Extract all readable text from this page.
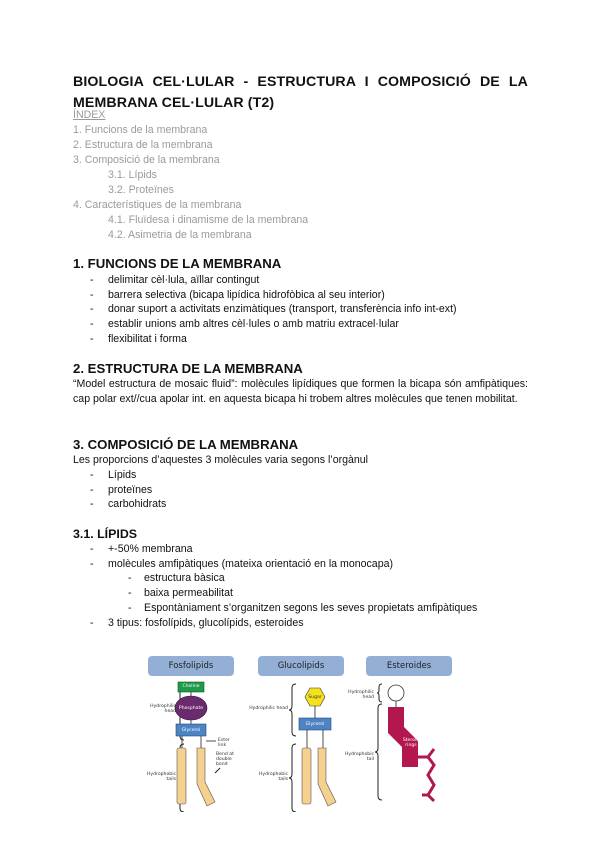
BIOLOGIA CEL·LULAR - ESTRUCTURA I COMPOSICIÓ DE LA
MEMBRANA CEL·LULAR (T2)
ÍNDEX
1. Funcions de la membrana
2. Estructura de la membrana
3. Composició de la membrana
3.1. Lípids
3.2. Proteïnes
4. Característiques de la membrana
4.1. Fluïdesa i dinamisme de la membrana
4.2. Asimetria de la membrana
1. FUNCIONS DE LA MEMBRANA
- delimitar cèl·lula, aïllar contingut
- barrera selectiva (bicapa lipídica hidrofòbica al seu interior)
- donar suport a activitats enzimàtiques (transport, transferència info int-ext)
- establir unions amb altres cèl·lules o amb matriu extracel·lular
- flexibilitat i forma
2. ESTRUCTURA DE LA MEMBRANA
“Model estructura de mosaic fluid”: molècules lipídiques que formen la bicapa són amfipàtiques: cap polar ext//cua apolar int. en aquesta bicapa hi trobem altres molècules que tenen mobilitat.
3. COMPOSICIÓ DE LA MEMBRANA
Les proporcions d’aquestes 3 molècules varia segons l’orgànul
- Lípids
- proteïnes
- carbohidrats
3.1. LÍPIDS
- +-50% membrana
- molècules amfipàtiques (mateixa orientació en la monocapa)
- estructura bàsica
- baixa permeabilitat
- Espontàniament s’organitzen segons les seves propietats amfipàtiques
- 3 tipus: fosfolípids, glucolípids, esteroides
Fosfolipids	Glucolipids	Esteroides
Hydrophilic head
Hydrophobic tails
Choline
Phosphate
Glycerol
Ester link
Bend at double bond
Hydrophilic head
Hydrophobic tails
Sugar
Glycerol
Hydrophilic head
Hydrophobic tail
Steroid rings
